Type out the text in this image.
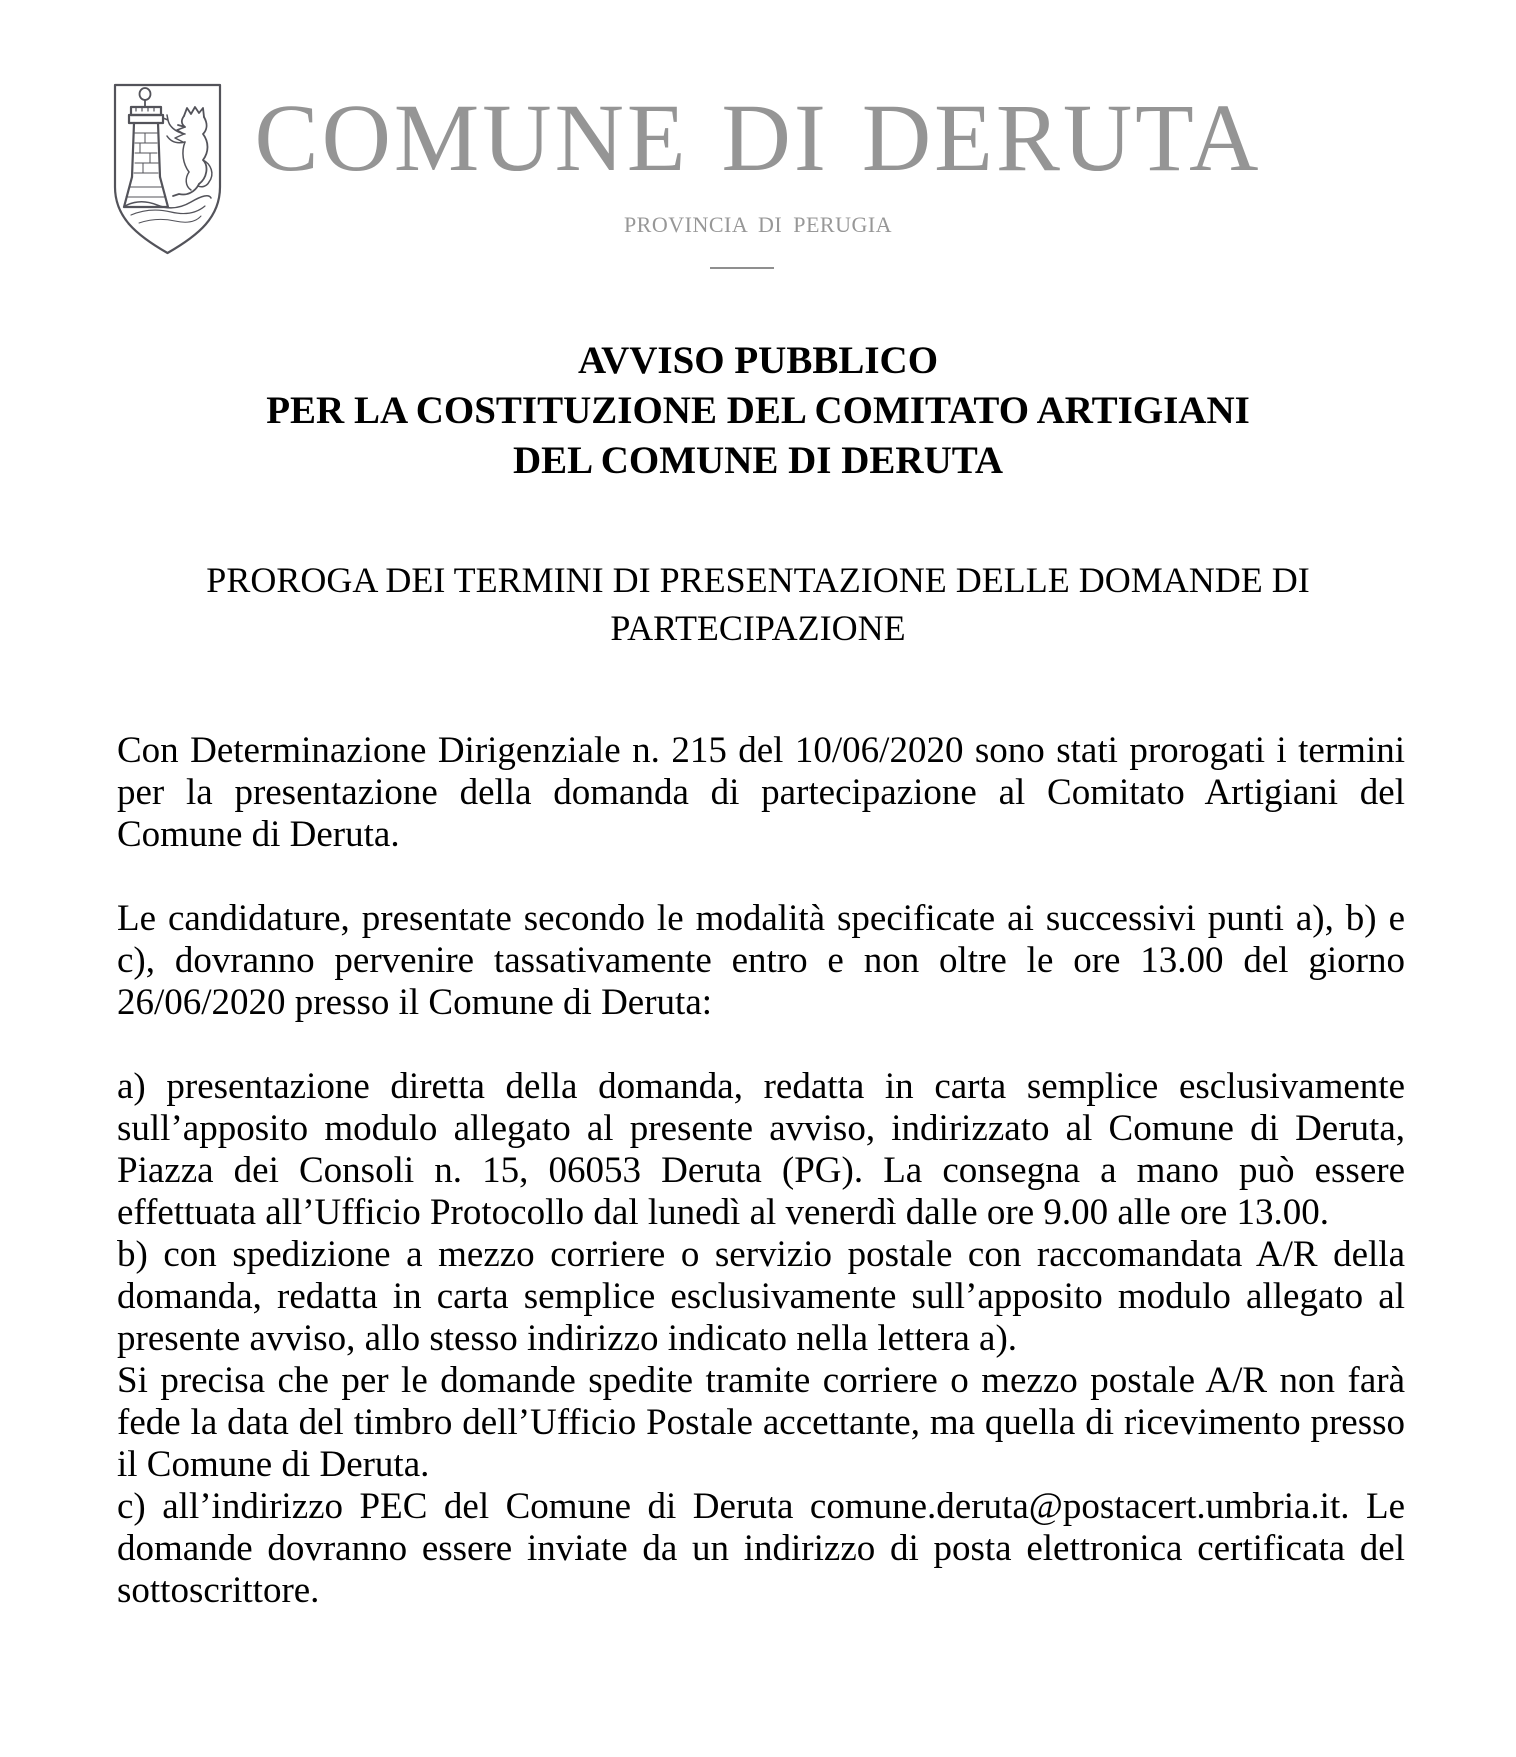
COMUNE DI DERUTA
PROVINCIA DI PERUGIA
AVVISO PUBBLICO
PER LA COSTITUZIONE DEL COMITATO ARTIGIANI
DEL COMUNE DI DERUTA
PROROGA DEI TERMINI DI PRESENTAZIONE DELLE DOMANDE DI
PARTECIPAZIONE

Con Determinazione Dirigenziale n. 215 del 10/06/2020 sono stati prorogati i termini per la presentazione della domanda di partecipazione al Comitato Artigiani del Comune di Deruta.

Le candidature, presentate secondo le modalità specificate ai successivi punti a), b) e c), dovranno pervenire tassativamente entro e non oltre le ore 13.00 del giorno 26/06/2020 presso il Comune di Deruta:

a) presentazione diretta della domanda, redatta in carta semplice esclusivamente sull’apposito modulo allegato al presente avviso, indirizzato al Comune di Deruta, Piazza dei Consoli n. 15, 06053 Deruta (PG). La consegna a mano può essere effettuata all’Ufficio Protocollo dal lunedì al venerdì dalle ore 9.00 alle ore 13.00.

b) con spedizione a mezzo corriere o servizio postale con raccomandata A/R della domanda, redatta in carta semplice esclusivamente sull’apposito modulo allegato al presente avviso, allo stesso indirizzo indicato nella lettera a).

Si precisa che per le domande spedite tramite corriere o mezzo postale A/R non farà fede la data del timbro dell’Ufficio Postale accettante, ma quella di ricevimento presso il Comune di Deruta.

c) all’indirizzo PEC del Comune di Deruta comune.deruta@postacert.umbria.it. Le domande dovranno essere inviate da un indirizzo di posta elettronica certificata del sottoscrittore.
